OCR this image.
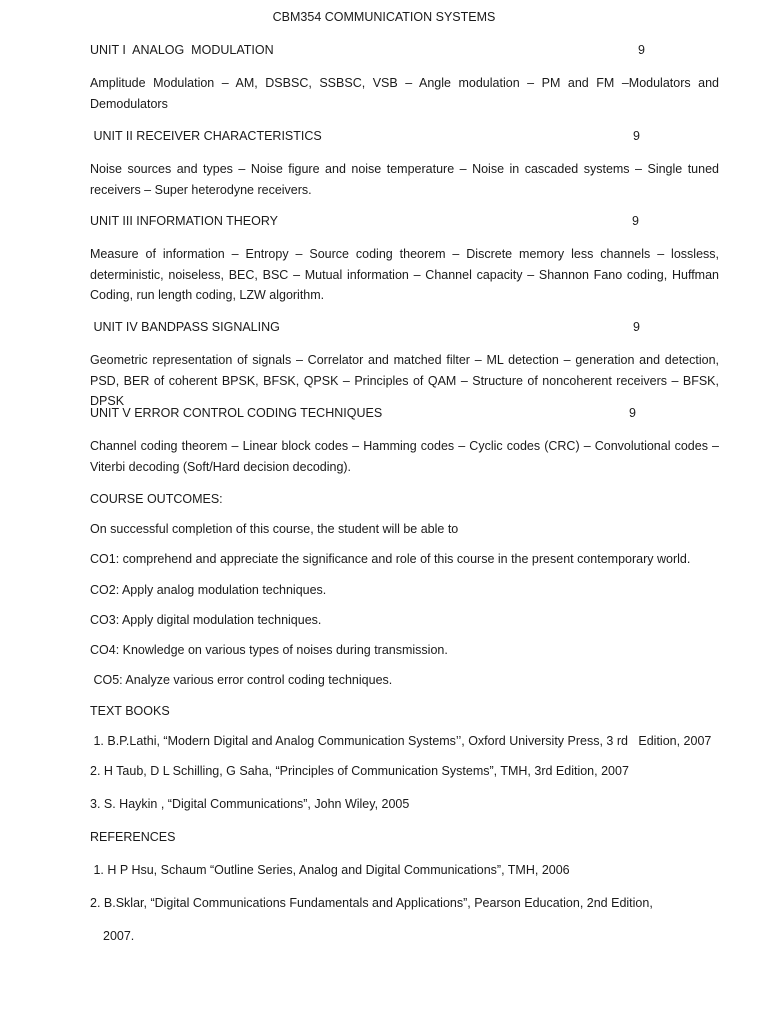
CBM354 COMMUNICATION SYSTEMS
UNIT I  ANALOG  MODULATION	9
Amplitude Modulation – AM, DSBSC, SSBSC, VSB – Angle modulation – PM and FM –Modulators and Demodulators
UNIT II RECEIVER CHARACTERISTICS	9
Noise sources and types – Noise figure and noise temperature – Noise in cascaded systems – Single tuned receivers – Super heterodyne receivers.
UNIT III INFORMATION THEORY	9
Measure of information – Entropy – Source coding theorem – Discrete memory less channels – lossless, deterministic, noiseless, BEC, BSC – Mutual information – Channel capacity – Shannon Fano coding, Huffman Coding, run length coding, LZW algorithm.
UNIT IV BANDPASS SIGNALING	9
Geometric representation of signals – Correlator and matched filter – ML detection – generation and detection, PSD, BER of coherent BPSK, BFSK, QPSK – Principles of QAM – Structure of noncoherent receivers – BFSK, DPSK
UNIT V ERROR CONTROL CODING TECHNIQUES	9
Channel coding theorem – Linear block codes – Hamming codes – Cyclic codes (CRC) – Convolutional codes – Viterbi decoding (Soft/Hard decision decoding).
COURSE OUTCOMES:
On successful completion of this course, the student will be able to
CO1: comprehend and appreciate the significance and role of this course in the present contemporary world.
CO2: Apply analog modulation techniques.
CO3: Apply digital modulation techniques.
CO4: Knowledge on various types of noises during transmission.
CO5: Analyze various error control coding techniques.
TEXT BOOKS
1. B.P.Lathi, “Modern Digital and Analog Communication Systems’’, Oxford University Press, 3 rd   Edition, 2007
2. H Taub, D L Schilling, G Saha, “Principles of Communication Systems”, TMH, 3rd Edition, 2007
3. S. Haykin , “Digital Communications”, John Wiley, 2005
REFERENCES
1. H P Hsu, Schaum “Outline Series, Analog and Digital Communications”, TMH, 2006
2. B.Sklar, “Digital Communications Fundamentals and Applications”, Pearson Education, 2nd Edition,
2007.
